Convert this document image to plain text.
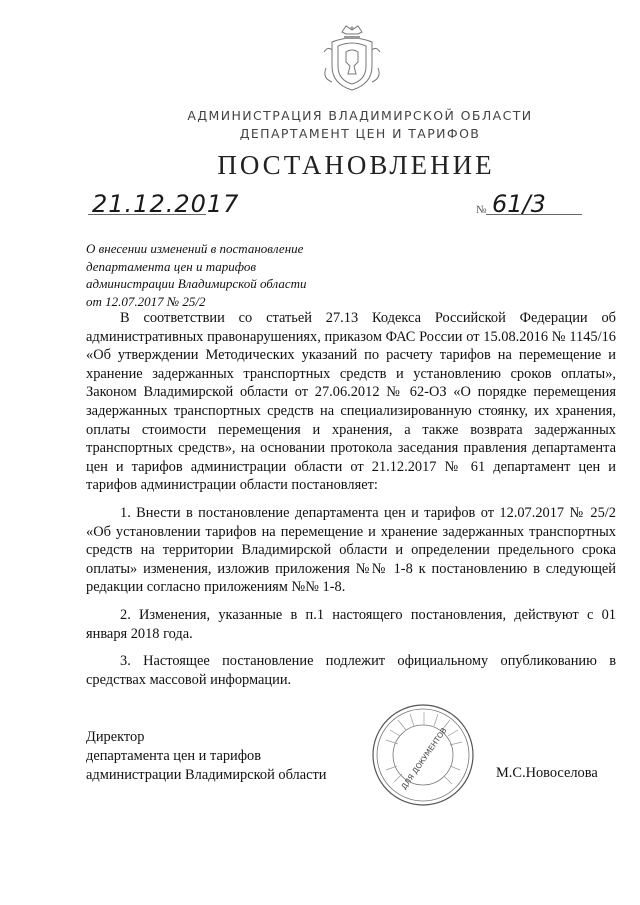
АДМИНИСТРАЦИЯ ВЛАДИМИРСКОЙ ОБЛАСТИ
ДЕПАРТАМЕНТ ЦЕН И ТАРИФОВ
ПОСТАНОВЛЕНИЕ
21.12.2017	№ 61/3
О внесении изменений в постановление
департамента цен и тарифов
администрации Владимирской области
от 12.07.2017 № 25/2

В соответствии со статьей 27.13 Кодекса Российской Федерации об административных правонарушениях, приказом ФАС России от 15.08.2016 № 1145/16 «Об утверждении Методических указаний по расчету тарифов на перемещение и хранение задержанных транспортных средств и установлению сроков оплаты», Законом Владимирской области от 27.06.2012 № 62-ОЗ «О порядке перемещения задержанных транспортных средств на специализированную стоянку, их хранения, оплаты стоимости перемещения и хранения, а также возврата задержанных транспортных средств», на основании протокола заседания правления департамента цен и тарифов администрации области от 21.12.2017 № 61 департамент цен и тарифов администрации области постановляет:

1. Внести в постановление департамента цен и тарифов от 12.07.2017 № 25/2 «Об установлении тарифов на перемещение и хранение задержанных транспортных средств на территории Владимирской области и определении предельного срока оплаты» изменения, изложив приложения №№ 1-8 к постановлению в следующей редакции согласно приложениям №№ 1-8.

2. Изменения, указанные в п.1 настоящего постановления, действуют с 01 января 2018 года.

3. Настоящее постановление подлежит официальному опубликованию в средствах массовой информации.

Директор
департамента цен и тарифов
администрации Владимирской области	ДЛЯ ДОКУМЕНТОВ	М.С.Новоселова
